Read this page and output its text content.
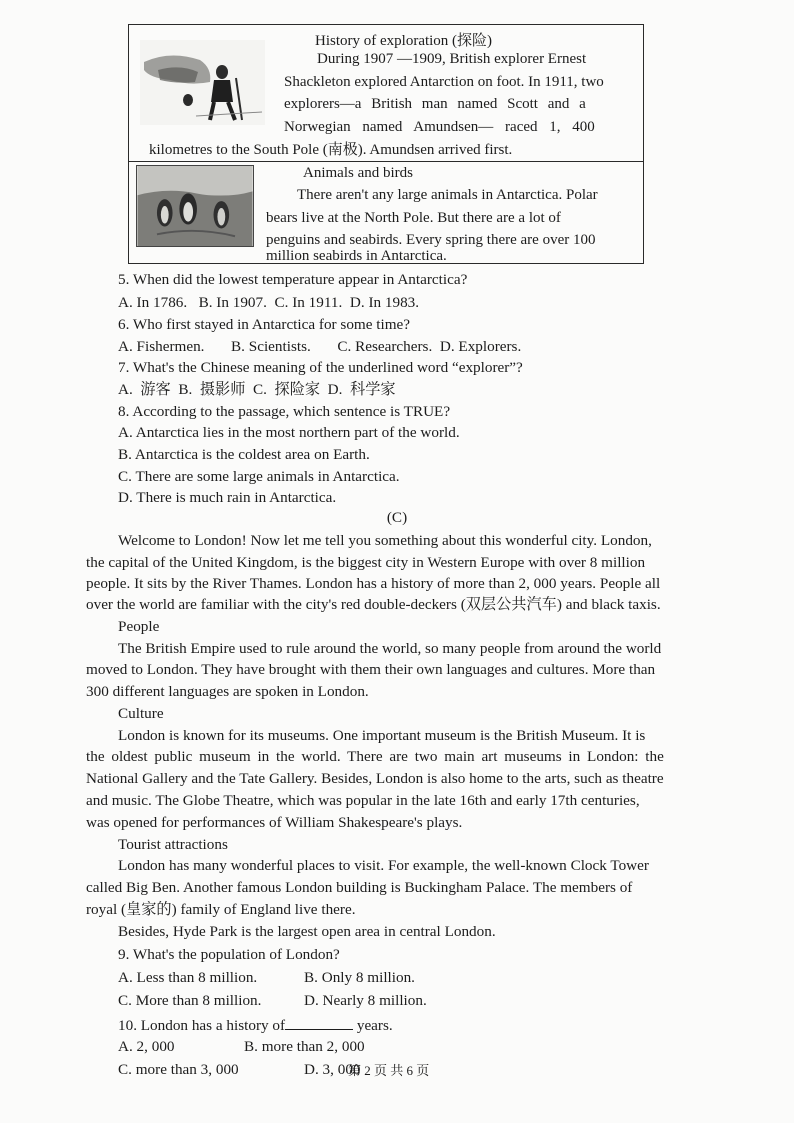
History of exploration (探险)
During 1907 —1909, British explorer Ernest
Shackleton explored Antarction on foot. In 1911, two
explorers—a British man named Scott and a
Norwegian named Amundsen— raced 1, 400
kilometres to the South Pole (南极). Amundsen arrived first.
Animals and birds
There aren't any large animals in Antarctica. Polar
bears live at the North Pole. But there are a lot of
penguins and seabirds. Every spring there are over 100
million seabirds in Antarctica.
5. When did the lowest temperature appear in Antarctica?
A. In 1786.   B. In 1907.  C. In 1911.  D. In 1983.
6. Who first stayed in Antarctica for some time?
A. Fishermen.       B. Scientists.       C. Researchers.  D. Explorers.
7. What's the Chinese meaning of the underlined word “explorer”?
A.  游客  B.  摄影师  C.  探险家  D.  科学家
8. According to the passage, which sentence is TRUE?
A. Antarctica lies in the most northern part of the world.
B. Antarctica is the coldest area on Earth.
C. There are some large animals in Antarctica.
D. There is much rain in Antarctica.
(C)
Welcome to London! Now let me tell you something about this wonderful city. London,
the capital of the United Kingdom, is the biggest city in Western Europe with over 8 million
people. It sits by the River Thames. London has a history of more than 2, 000 years. People all
over the world are familiar with the city's red double-deckers (双层公共汽车) and black taxis.
People
The British Empire used to rule around the world, so many people from around the world
moved to London. They have brought with them their own languages and cultures. More than
300 different languages are spoken in London.
Culture
London is known for its museums. One important museum is the British Museum. It is
the oldest public museum in the world. There are two main art museums in London: the
National Gallery and the Tate Gallery. Besides, London is also home to the arts, such as theatre
and music. The Globe Theatre, which was popular in the late 16th and early 17th centuries,
was opened for performances of William Shakespeare's plays.
Tourist attractions
London has many wonderful places to visit. For example, the well-known Clock Tower
called Big Ben. Another famous London building is Buckingham Palace. The members of
royal (皇家的) family of England live there.
Besides, Hyde Park is the largest open area in central London.
9. What's the population of London?
A. Less than 8 million.	B. Only 8 million.
C. More than 8 million.	D. Nearly 8 million.
10. London has a history of	years.
A. 2, 000	B. more than 2, 000
C. more than 3, 000	D. 3, 000
第 2 页 共 6 页
